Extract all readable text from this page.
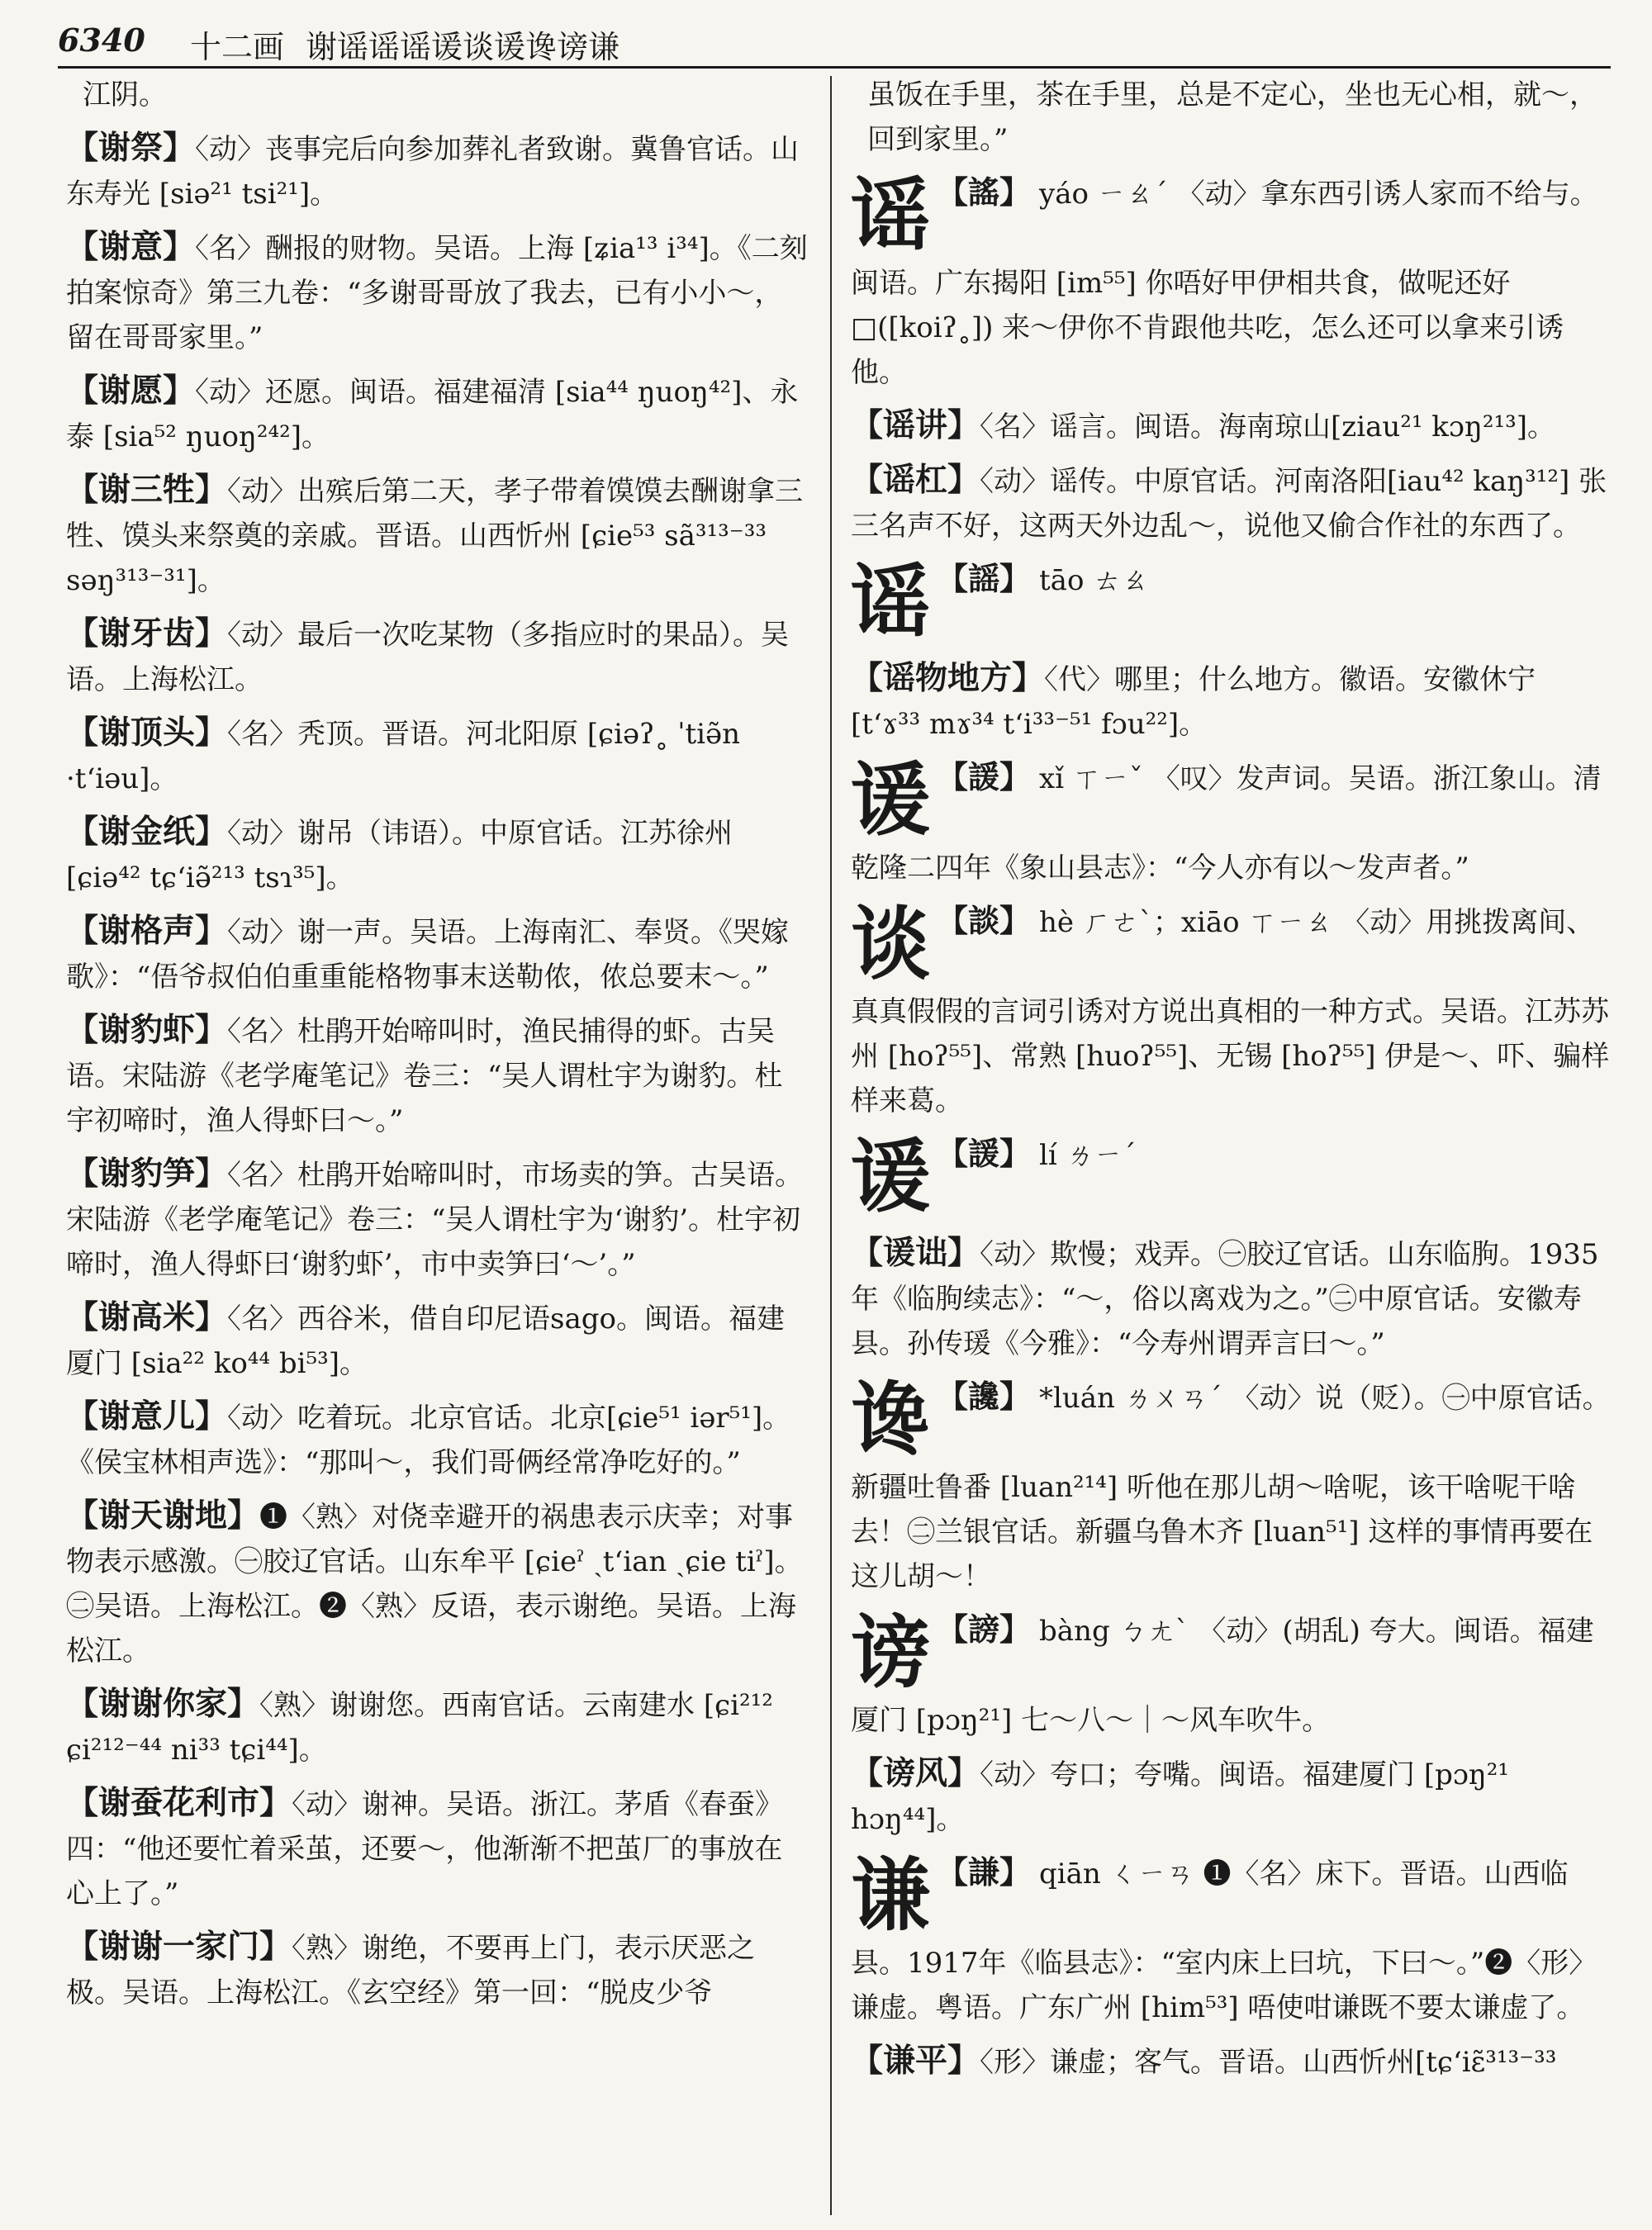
6340 十二画 谢谣谣谣谖谈谖谗谤谦
江阴。
【谢祭】〈动〉丧事完后向参加葬礼者致谢。冀鲁官话。山东寿光 [siə²¹ tsi²¹]。
【谢意】〈名〉酬报的财物。吴语。上海 [ʑia¹³ i³⁴]。《二刻拍案惊奇》第三九卷：“多谢哥哥放了我去，已有小小～，留在哥哥家里。”
【谢愿】〈动〉还愿。闽语。福建福清 [sia⁴⁴ ŋuoŋ⁴²]、永泰 [sia⁵² ŋuoŋ²⁴²]。
【谢三牲】〈动〉出殡后第二天，孝子带着馍馍去酬谢拿三牲、馍头来祭奠的亲戚。晋语。山西忻州 [ɕie⁵³ sã³¹³⁻³³ səŋ³¹³⁻³¹]。
【谢牙齿】〈动〉最后一次吃某物（多指应时的果品）。吴语。上海松江。
【谢顶头】〈名〉秃顶。晋语。河北阳原 [ɕiəʔ˳ ˈtiə̃n ·tʻiəu]。
【谢金纸】〈动〉谢吊（讳语）。中原官话。江苏徐州 [ɕiə⁴² tɕʻiə̃²¹³ tsɿ³⁵]。
【谢格声】〈动〉谢一声。吴语。上海南汇、奉贤。《哭嫁歌》：“俉爷叔伯伯重重能格物事末送勒侬，侬总要末～。”
【谢豹虾】〈名〉杜鹃开始啼叫时，渔民捕得的虾。古吴语。宋陆游《老学庵笔记》卷三：“吴人谓杜宇为谢豹。杜宇初啼时，渔人得虾曰～。”
【谢豹笋】〈名〉杜鹃开始啼叫时，市场卖的笋。古吴语。宋陆游《老学庵笔记》卷三：“吴人谓杜宇为‘谢豹’。杜宇初啼时，渔人得虾曰‘谢豹虾’，市中卖笋曰‘～’。”
【谢高米】〈名〉西谷米，借自印尼语sago。闽语。福建厦门 [sia²² ko⁴⁴ bi⁵³]。
【谢意儿】〈动〉吃着玩。北京官话。北京[ɕie⁵¹ iər⁵¹]。《侯宝林相声选》：“那叫～，我们哥俩经常净吃好的。”
【谢天谢地】❶〈熟〉对侥幸避开的祸患表示庆幸；对事物表示感激。㊀胶辽官话。山东牟平 [ɕieˀ ˏtʻian ˏɕie tiˀ]。㊁吴语。上海松江。❷〈熟〉反语，表示谢绝。吴语。上海松江。
【谢谢你家】〈熟〉谢谢您。西南官话。云南建水 [ɕi²¹² ɕi²¹²⁻⁴⁴ ni³³ tɕi⁴⁴]。
【谢蚕花利市】〈动〉谢神。吴语。浙江。茅盾《春蚕》四：“他还要忙着采茧，还要～，他渐渐不把茧厂的事放在心上了。”
【谢谢一家门】〈熟〉谢绝，不要再上门，表示厌恶之极。吴语。上海松江。《玄空经》第一回：“脱皮少爷
虽饭在手里，茶在手里，总是不定心，坐也无心相，就～，回到家里。”
谣 【謠】 yáo ㄧㄠˊ 〈动〉拿东西引诱人家而不给与。闽语。广东揭阳 [im⁵⁵] 你唔好甲伊相共食，做呢还好□([koiʔ˳]) 来～伊你不肯跟他共吃，怎么还可以拿来引诱他。
【谣讲】〈名〉谣言。闽语。海南琼山[ziau²¹ kɔŋ²¹³]。
【谣杠】〈动〉谣传。中原官话。河南洛阳[iau⁴² kaŋ³¹²] 张三名声不好，这两天外边乱～，说他又偷合作社的东西了。
谣 【謡】 tāo ㄊㄠ
【谣物地方】〈代〉哪里；什么地方。徽语。安徽休宁 [tʻɤ³³ mɤ³⁴ tʻi³³⁻⁵¹ fɔu²²]。
谖 【諼】 xǐ ㄒㄧˇ 〈叹〉发声词。吴语。浙江象山。清乾隆二四年《象山县志》：“今人亦有以～发声者。”
谈 【談】 hè ㄏㄜˋ；xiāo ㄒㄧㄠ 〈动〉用挑拨离间、真真假假的言词引诱对方说出真相的一种方式。吴语。江苏苏州 [hoʔ⁵⁵]、常熟 [huoʔ⁵⁵]、无锡 [hoʔ⁵⁵] 伊是～、吓、骗样样来葛。
谖 【諼】 lí ㄌㄧˊ
【谖诎】〈动〉欺慢；戏弄。㊀胶辽官话。山东临朐。1935年《临朐续志》：“～，俗以离戏为之。”㊁中原官话。安徽寿县。孙传瑗《今雅》：“今寿州谓弄言曰～。”
谗 【讒】 *luán ㄌㄨㄢˊ 〈动〉说（贬）。㊀中原官话。新疆吐鲁番 [luan²¹⁴] 听他在那儿胡～啥呢，该干啥呢干啥去！㊁兰银官话。新疆乌鲁木齐 [luan⁵¹] 这样的事情再要在这儿胡～！
谤 【謗】 bàng ㄅㄤˋ 〈动〉(胡乱) 夸大。闽语。福建厦门 [pɔŋ²¹] 七～八～｜～风车吹牛。
【谤风】〈动〉夸口；夸嘴。闽语。福建厦门 [pɔŋ²¹ hɔŋ⁴⁴]。
谦 【謙】 qiān ㄑㄧㄢ ❶〈名〉床下。晋语。山西临县。1917年《临县志》：“室内床上曰坑，下曰～。”❷〈形〉谦虚。粤语。广东广州 [him⁵³] 唔使咁谦既不要太谦虚了。
【谦平】〈形〉谦虚；客气。晋语。山西忻州[tɕʻiɛ̃³¹³⁻³³
